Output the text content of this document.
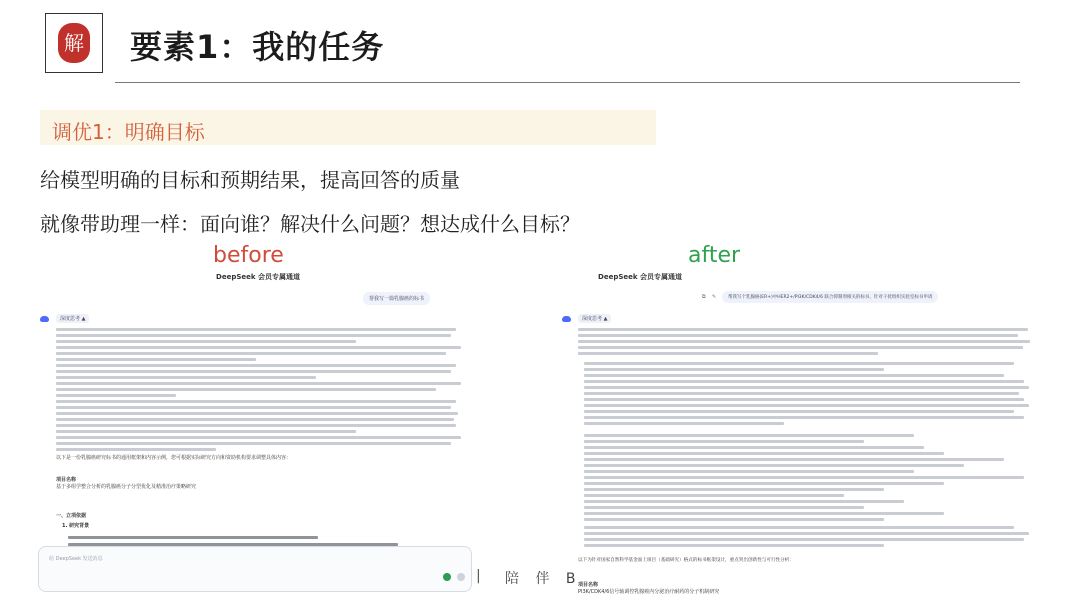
解 要素1：我的任务
调优1：明确目标
给模型明确的目标和预期结果，提高回答的质量
就像带助理一样：面向谁？解决什么问题？想达成什么目标？
before	after
DeepSeek 会员专属通道
帮我写一篇乳腺癌的标书
深度思考 ▲
以下是一份乳腺癌研究标书的通用框架和内容示例，您可根据实际研究方向和资助机构要求调整具体内容：
项目名称
基于多组学整合分析的乳腺癌分子分型优化及精准治疗策略研究
一、立项依据
1. 研究背景
给 DeepSeek 发送消息
DeepSeek 会员专属通道
⧉ ✎	帮我写个乳腺癌(ER+)中HER2+/PI3K/CDK4/6 联合抑制剂相关的标书，针对干扰组织实验室标书申请
深度思考 ▲
以下为针对国家自然科学基金面上项目（基础研究）格式的标书框架设计，重点突出创新性与可行性分析：
项目名称
PI3K/CDK4/6信号轴调控乳腺癌内分泌治疗耐药的分子机制研究
| 陪 伴 B
